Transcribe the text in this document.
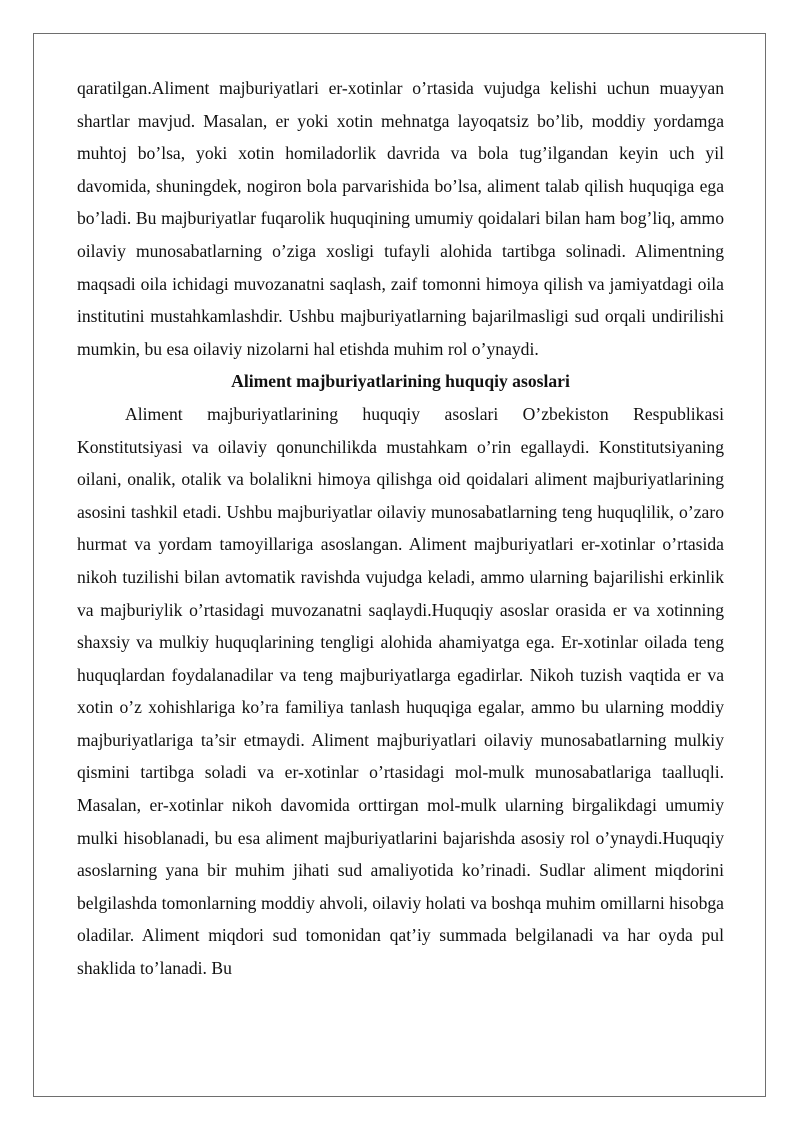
qaratilgan.Aliment majburiyatlari er-xotinlar o’rtasida vujudga kelishi uchun muayyan shartlar mavjud. Masalan, er yoki xotin mehnatga layoqatsiz bo’lib, moddiy yordamga muhtoj bo’lsa, yoki xotin homiladorlik davrida va bola tug’ilgandan keyin uch yil davomida, shuningdek, nogiron bola parvarishida bo’lsa, aliment talab qilish huquqiga ega bo’ladi. Bu majburiyatlar fuqarolik huquqining umumiy qoidalari bilan ham bog’liq, ammo oilaviy munosabatlarning o’ziga xosligi tufayli alohida tartibga solinadi. Alimentning maqsadi oila ichidagi muvozanatni saqlash, zaif tomonni himoya qilish va jamiyatdagi oila institutini mustahkamlashdir. Ushbu majburiyatlarning bajarilmasligi sud orqali undirilishi mumkin, bu esa oilaviy nizolarni hal etishda muhim rol o’ynaydi.

Aliment majburiyatlarining huquqiy asoslari

Aliment majburiyatlarining huquqiy asoslari O’zbekiston Respublikasi Konstitutsiyasi va oilaviy qonunchilikda mustahkam o’rin egallaydi. Konstitutsiyaning oilani, onalik, otalik va bolalikni himoya qilishga oid qoidalari aliment majburiyatlarining asosini tashkil etadi. Ushbu majburiyatlar oilaviy munosabatlarning teng huquqlilik, o’zaro hurmat va yordam tamoyillariga asoslangan. Aliment majburiyatlari er-xotinlar o’rtasida nikoh tuzilishi bilan avtomatik ravishda vujudga keladi, ammo ularning bajarilishi erkinlik va majburiylik o’rtasidagi muvozanatni saqlaydi.Huquqiy asoslar orasida er va xotinning shaxsiy va mulkiy huquqlarining tengligi alohida ahamiyatga ega. Er-xotinlar oilada teng huquqlardan foydalanadilar va teng majburiyatlarga egadirlar. Nikoh tuzish vaqtida er va xotin o’z xohishlariga ko’ra familiya tanlash huquqiga egalar, ammo bu ularning moddiy majburiyatlariga ta’sir etmaydi. Aliment majburiyatlari oilaviy munosabatlarning mulkiy qismini tartibga soladi va er-xotinlar o’rtasidagi mol-mulk munosabatlariga taalluqli. Masalan, er-xotinlar nikoh davomida orttirgan mol-mulk ularning birgalikdagi umumiy mulki hisoblanadi, bu esa aliment majburiyatlarini bajarishda asosiy rol o’ynaydi.Huquqiy asoslarning yana bir muhim jihati sud amaliyotida ko’rinadi. Sudlar aliment miqdorini belgilashda tomonlarning moddiy ahvoli, oilaviy holati va boshqa muhim omillarni hisobga oladilar. Aliment miqdori sud tomonidan qat’iy summada belgilanadi va har oyda pul shaklida to’lanadi. Bu
